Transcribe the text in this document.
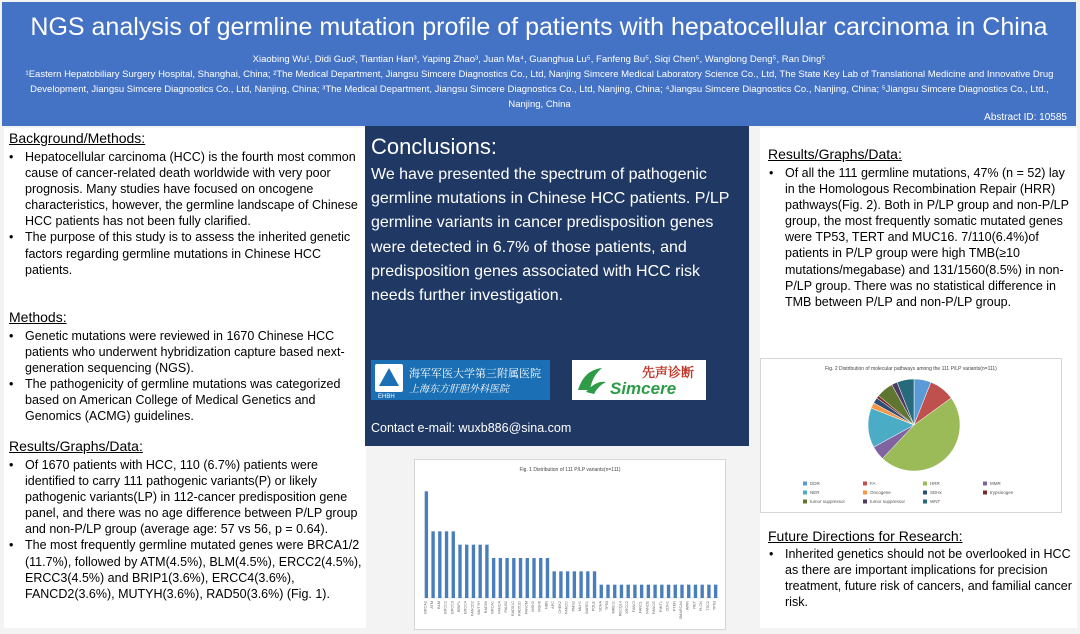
NGS analysis of germline mutation profile of patients with hepatocellular carcinoma in China
Xiaobing Wu¹, Didi Guo², Tiantian Han³, Yaping Zhao³, Juan Ma⁴, Guanghua Lu⁵, Fanfeng Bu⁵, Siqi Chen⁵, Wanglong Deng⁵, Ran Ding⁵
¹Eastern Hepatobiliary Surgery Hospital, Shanghai, China; ²The Medical Department, Jiangsu Simcere Diagnostics Co., Ltd, Nanjing Simcere Medical Laboratory Science Co., Ltd, The State Key Lab of Translational Medicine and Innovative Drug Development, Jiangsu Simcere Diagnostics Co., Ltd, Nanjing, China; ³The Medical Department, Jiangsu Simcere Diagnostics Co., Ltd, Nanjing, China; ⁴Jiangsu Simcere Diagnostics Co., Nanjing, China; ⁵Jiangsu Simcere Diagnostics Co., Ltd., Nanjing, China
Abstract ID: 10585
Background/Methods:
• Hepatocellular carcinoma (HCC) is the fourth most common cause of cancer-related death worldwide with very poor prognosis. Many studies have focused on oncogene characteristics, however, the germline landscape of Chinese HCC patients has not been fully clarified.
• The purpose of this study is to assess the inherited genetic factors regarding germline mutations in Chinese HCC patients.
Methods:
• Genetic mutations were reviewed in 1670 Chinese HCC patients who underwent hybridization capture based next-generation sequencing (NGS).
• The pathogenicity of germline mutations was categorized based on American College of Medical Genetics and Genomics (ACMG) guidelines.
Results/Graphs/Data:
• Of 1670 patients with HCC, 110 (6.7%) patients were identified to carry 111 pathogenic variants(P) or likely pathogenic variants(LP) in 112-cancer predisposition gene panel, and there was no age difference between P/LP group and non-P/LP group (average age: 57 vs 56, p = 0.64).
• The most frequently germline mutated genes were BRCA1/2 (11.7%), followed by ATM(4.5%), BLM(4.5%), ERCC2(4.5%), ERCC3(4.5%) and BRIP1(3.6%), ERCC4(3.6%), FANCD2(3.6%), MUTYH(3.6%), RAD50(3.6%) (Fig. 1).
Conclusions:
We have presented the spectrum of pathogenic germline mutations in Chinese HCC patients. P/LP germline variants in cancer predisposition genes were detected in 6.7% of those patients, and predisposition genes associated with HCC risk needs further investigation.
EHBH
海军军医大学第三附属医院
上海东方肝胆外科医院
先声诊断
Simcere
Contact e-mail: wuxb886@sina.com
Fig. 1 Distribution of 111 P/LP variants(n=111)
BRCA2 ATM BLM ERCC2 ERCC3 BRIP1 ERCC4 FANCD2 MUTYH RAD50 BRCA1 FANCA PALB2 RAD51C RAD51D FANCM MSH2 MSH6 NBN APC CHEK2 FANCC PMS2 MLH1 BARD1 POLE SDHA TP53 MRE11 RECQL4 XRCC2 FANCI FANCL FANCE FANCG RINT1 CDH1 PTEN SMARCA4 WRN RET FLCN TSC2 TP63
Results/Graphs/Data:
• Of all the 111 germline mutations, 47% (n = 52) lay in the Homologous Recombination Repair (HRR) pathways(Fig. 2). Both in P/LP group and non-P/LP group, the most frequently somatic mutated genes were TP53, TERT and MUC16. 7/110(6.4%)of patients in P/LP group were high TMB(≥10 mutations/megabase) and 131/1560(8.5%) in non-P/LP group. There was no statistical difference in TMB between P/LP and non-P/LP group.
Future Directions for Research:
• Inherited genetics should not be overlooked in HCC as there are important implications for precision treatment, future risk of cancers, and familial cancer risk.
Fig. 2 Distribution of molecular pathways among the 111 P/LP variants(n=111)
DDR	FA	HRR	MMR
NER	Oncogene	SDHx	trypsinogen
tumor suppressor	tumor suppressor	WNT
